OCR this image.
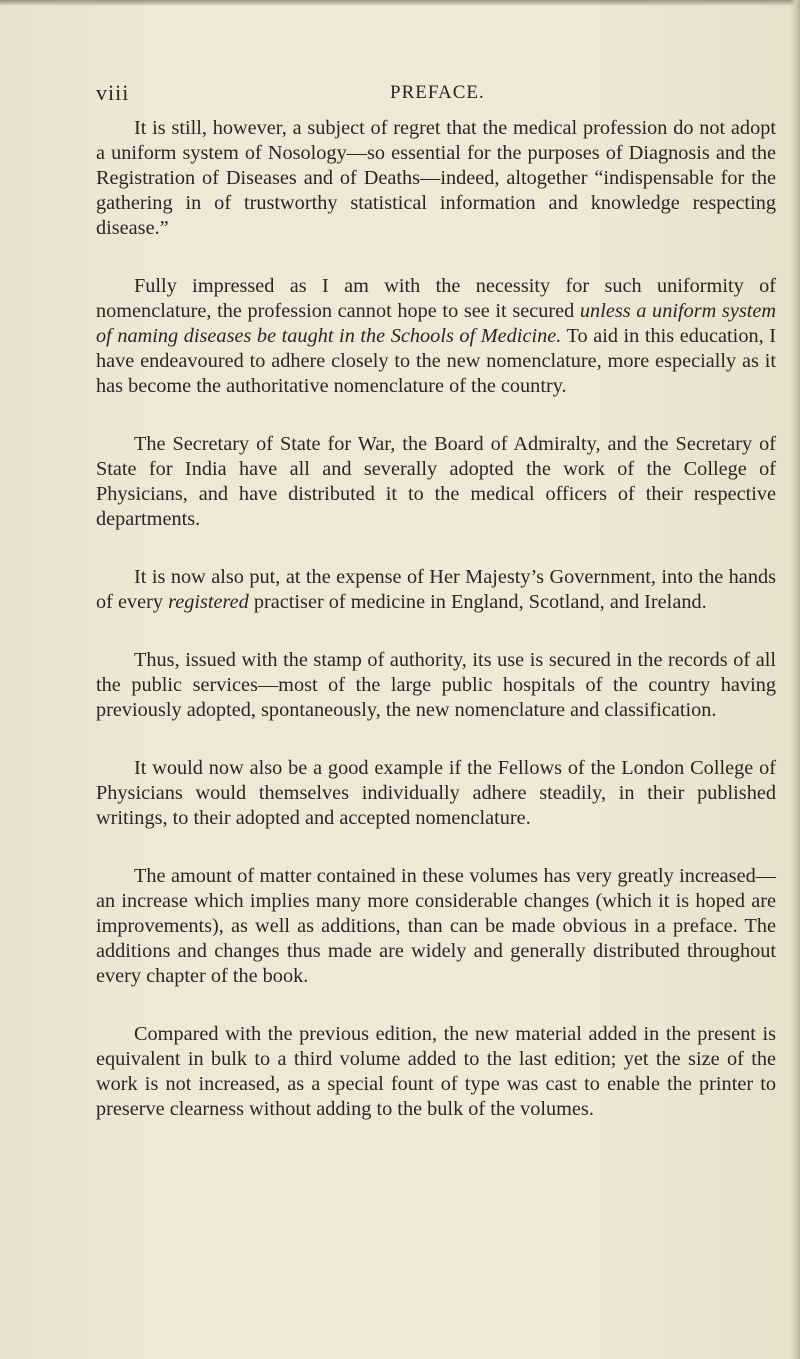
viii	PREFACE.

It is still, however, a subject of regret that the medical profession do not adopt a uniform system of Nosology—so essential for the purposes of Diagnosis and the Registration of Diseases and of Deaths—indeed, altogether “indispensable for the gathering in of trustworthy statistical information and knowledge respecting disease.”

Fully impressed as I am with the necessity for such uniformity of nomenclature, the profession cannot hope to see it secured unless a uniform system of naming diseases be taught in the Schools of Medicine. To aid in this education, I have endeavoured to adhere closely to the new nomenclature, more especially as it has become the authoritative nomenclature of the country.

The Secretary of State for War, the Board of Admiralty, and the Secretary of State for India have all and severally adopted the work of the College of Physicians, and have distributed it to the medical officers of their respective departments.

It is now also put, at the expense of Her Majesty’s Government, into the hands of every registered practiser of medicine in England, Scotland, and Ireland.

Thus, issued with the stamp of authority, its use is secured in the records of all the public services—most of the large public hospitals of the country having previously adopted, spontaneously, the new nomenclature and classification.

It would now also be a good example if the Fellows of the London College of Physicians would themselves individually adhere steadily, in their published writings, to their adopted and accepted nomenclature.

The amount of matter contained in these volumes has very greatly increased—an increase which implies many more considerable changes (which it is hoped are improvements), as well as additions, than can be made obvious in a preface. The additions and changes thus made are widely and generally distributed throughout every chapter of the book.

Compared with the previous edition, the new material added in the present is equivalent in bulk to a third volume added to the last edition; yet the size of the work is not increased, as a special fount of type was cast to enable the printer to preserve clearness without adding to the bulk of the volumes.
